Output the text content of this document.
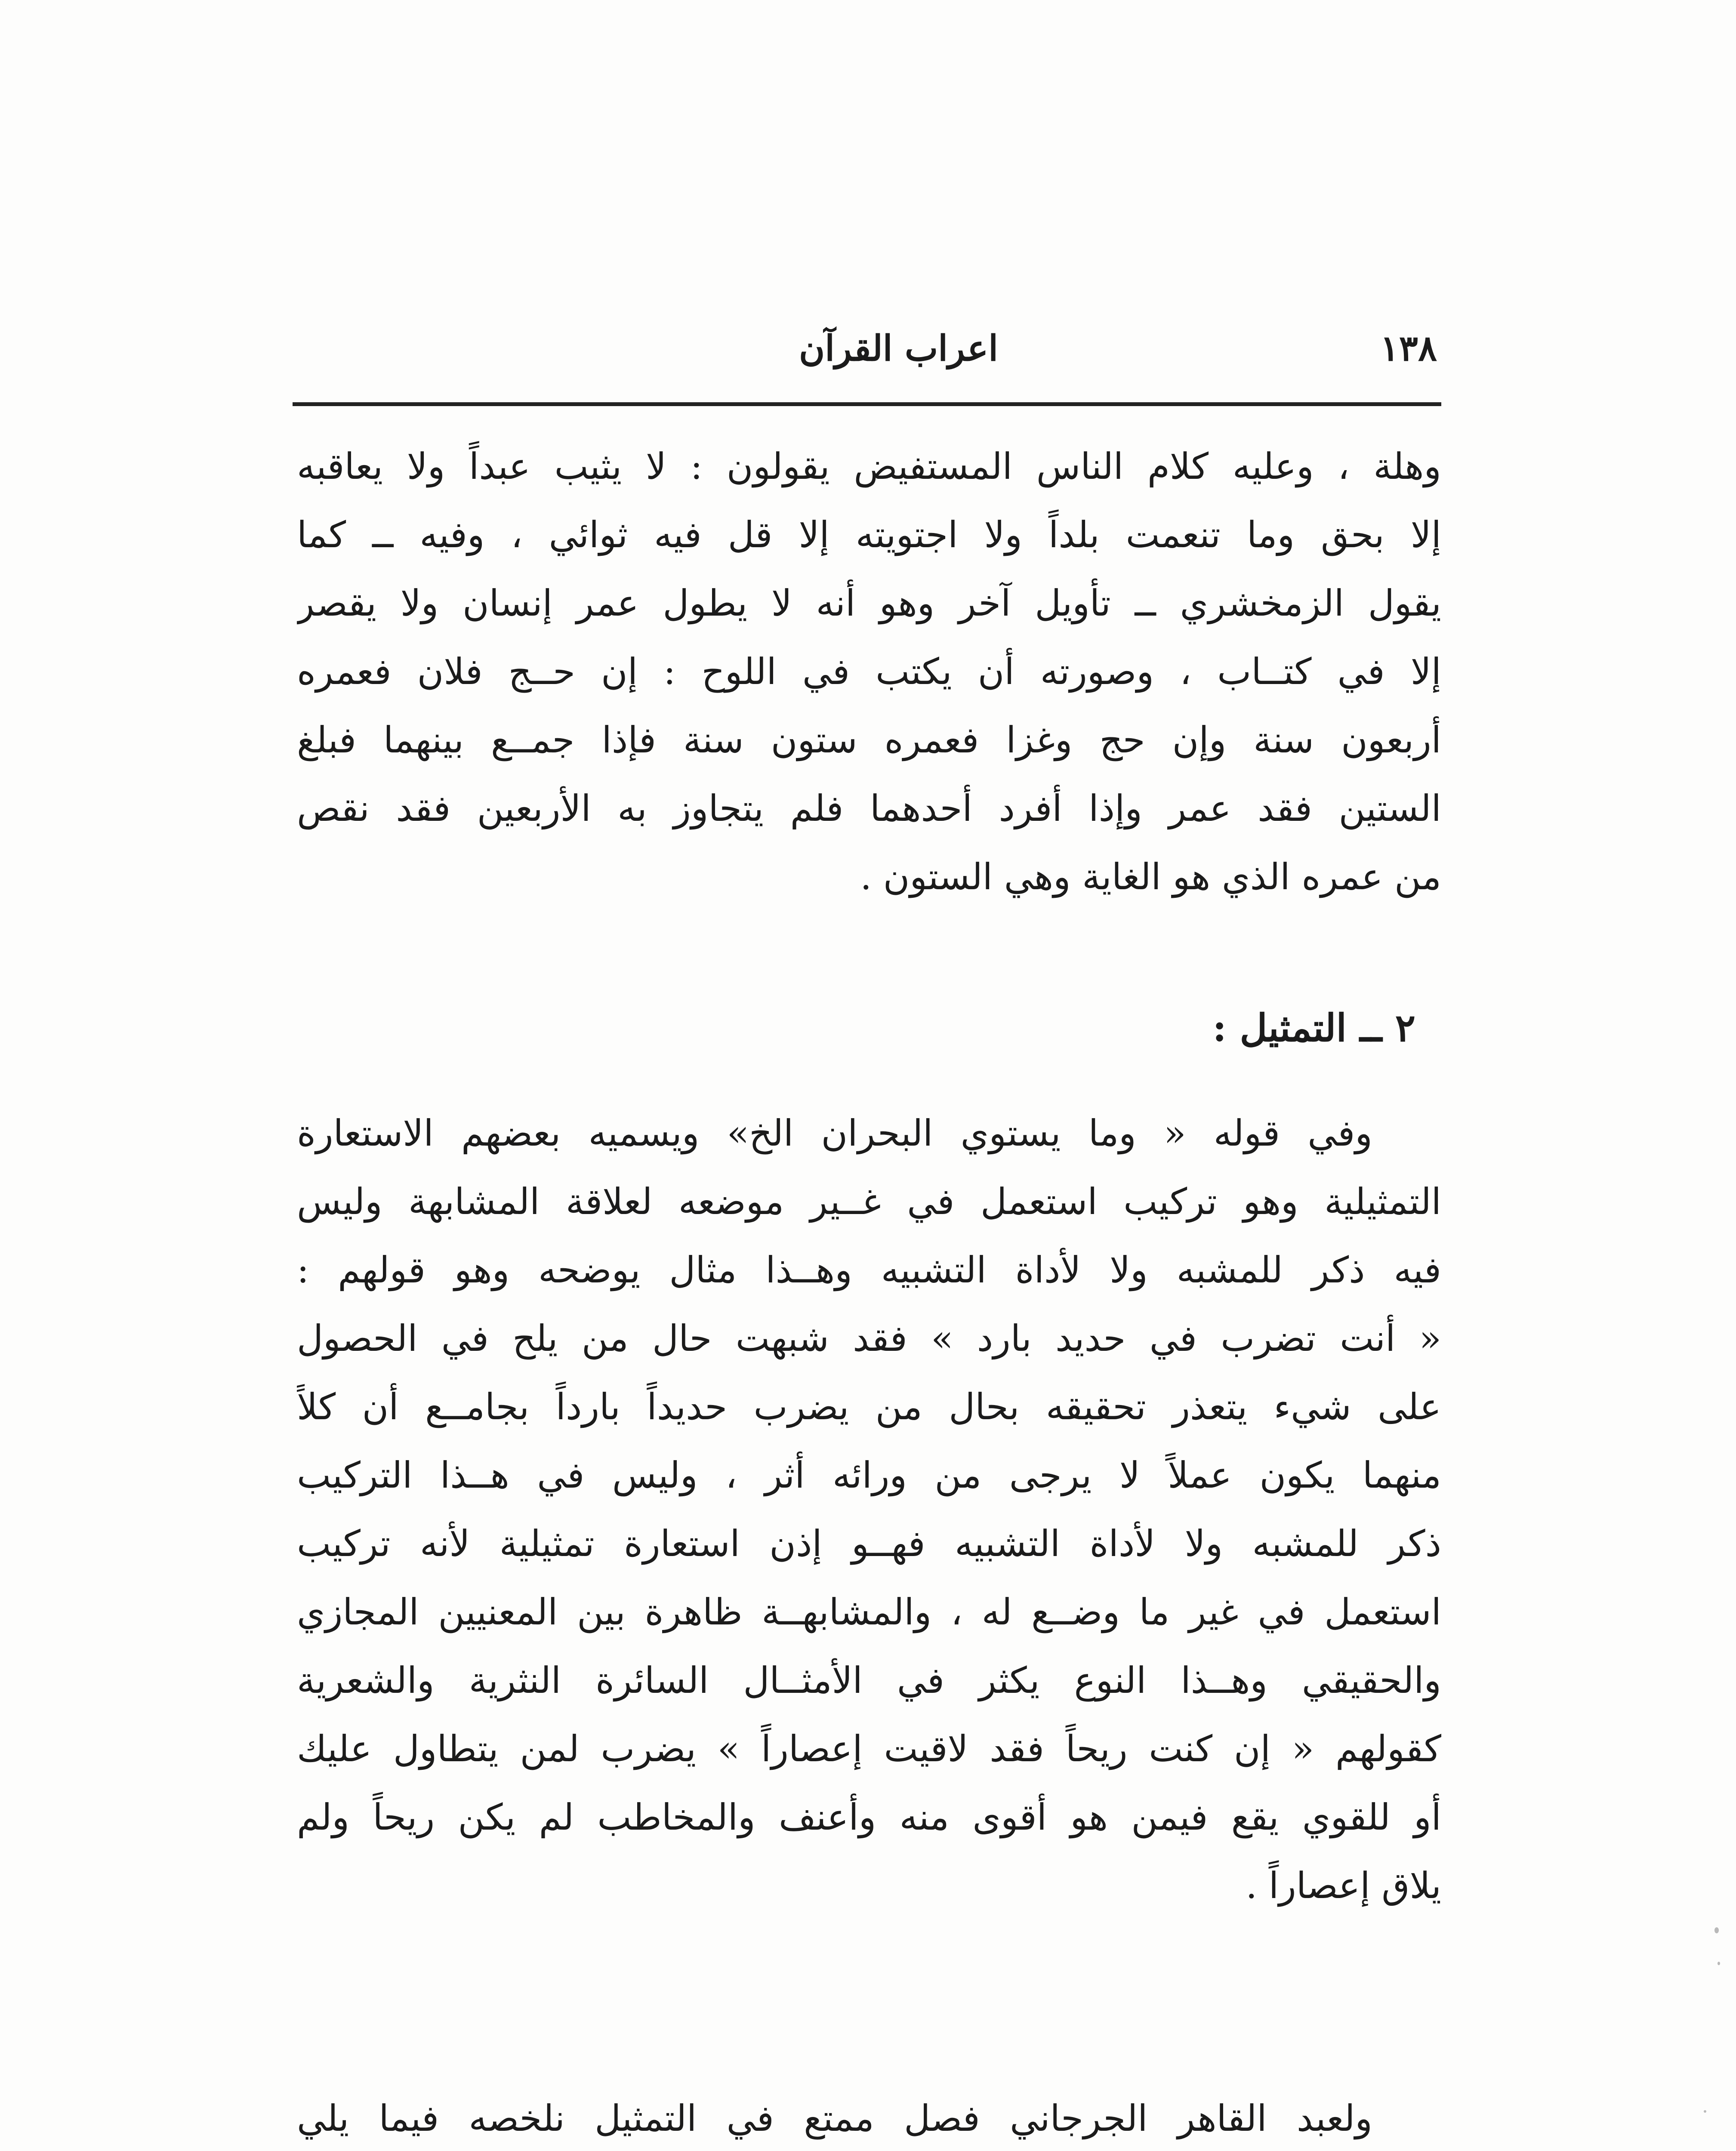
١٣٨
اعراب القرآن
وهلة ، وعليه كلام الناس المستفيض يقولون : لا يثيب عبداً ولا يعاقبه
إلا بحق وما تنعمت بلداً ولا اجتويته إلا قل فيه ثوائي ، وفيه ــ كما
يقول الزمخشري ــ تأويل آخر وهو أنه لا يطول عمر إنسان ولا يقصر
إلا في كتــاب ، وصورته أن يكتب في اللوح : إن حــج فلان فعمره
أربعون سنة وإن حج وغزا فعمره ستون سنة فإذا جمــع بينهما فبلغ
الستين فقد عمر وإذا أفرد أحدهما فلم يتجاوز به الأربعين فقد نقص
من عمره الذي هو الغاية وهي الستون .
٢ ــ التمثيل :
وفي قوله « وما يستوي البحران الخ» ويسميه بعضهم الاستعارة
التمثيلية وهو تركيب استعمل في غــير موضعه لعلاقة المشابهة وليس
فيه ذكر للمشبه ولا لأداة التشبيه وهــذا مثال يوضحه وهو قولهم :
« أنت تضرب في حديد بارد » فقد شبهت حال من يلح في الحصول
على شيء يتعذر تحقيقه بحال من يضرب حديداً بارداً بجامــع أن كلاً
منهما يكون عملاً لا يرجى من ورائه أثر ، وليس في هــذا التركيب
ذكر للمشبه ولا لأداة التشبيه فهــو إذن استعارة تمثيلية لأنه تركيب
استعمل في غير ما وضــع له ، والمشابهــة ظاهرة بين المعنيين المجازي
والحقيقي وهــذا النوع يكثر في الأمثــال السائرة النثرية والشعرية
كقولهم « إن كنت ريحاً فقد لاقيت إعصاراً » يضرب لمن يتطاول عليك
أو للقوي يقع فيمن هو أقوى منه وأعنف والمخاطب لم يكن ريحاً ولم
يلاق إعصاراً .
ولعبد القاهر الجرجاني فصل ممتع في التمثيل نلخصه فيما يلي
